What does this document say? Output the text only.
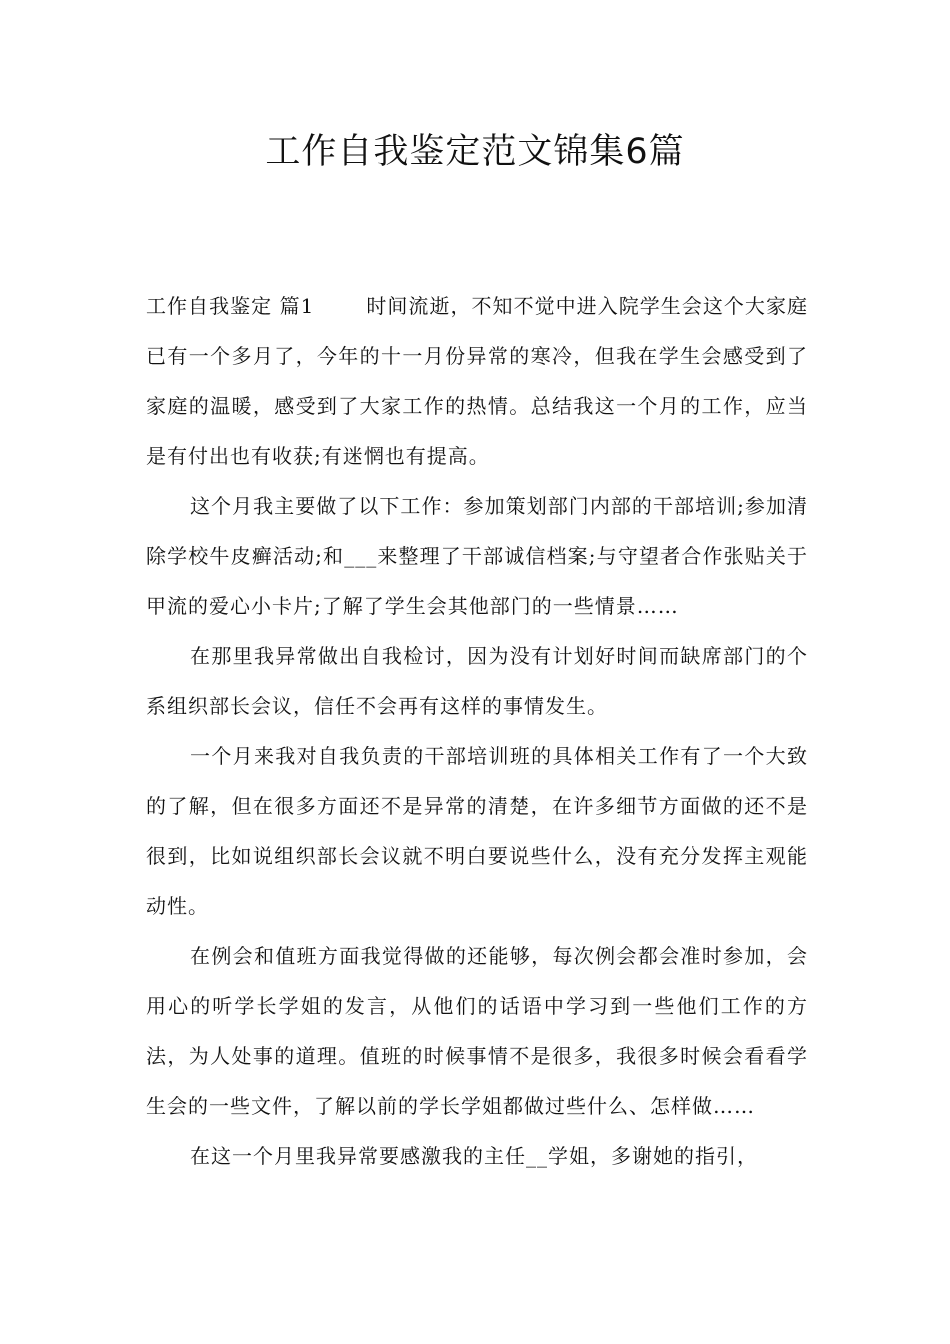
工作自我鉴定范文锦集6篇

工作自我鉴定 篇1	时间流逝，不知不觉中进入院学生会这个大家庭已有一个多月了，今年的十一月份异常的寒冷，但我在学生会感受到了家庭的温暖，感受到了大家工作的热情。总结我这一个月的工作，应当是有付出也有收获;有迷惘也有提高。

这个月我主要做了以下工作：参加策划部门内部的干部培训;参加清除学校牛皮癣活动;和___来整理了干部诚信档案;与守望者合作张贴关于甲流的爱心小卡片;了解了学生会其他部门的一些情景……

在那里我异常做出自我检讨，因为没有计划好时间而缺席部门的个系组织部长会议，信任不会再有这样的事情发生。

一个月来我对自我负责的干部培训班的具体相关工作有了一个大致的了解，但在很多方面还不是异常的清楚，在许多细节方面做的还不是很到，比如说组织部长会议就不明白要说些什么，没有充分发挥主观能动性。

在例会和值班方面我觉得做的还能够，每次例会都会准时参加，会用心的听学长学姐的发言，从他们的话语中学习到一些他们工作的方法，为人处事的道理。值班的时候事情不是很多，我很多时候会看看学生会的一些文件，了解以前的学长学姐都做过些什么、怎样做……

在这一个月里我异常要感激我的主任__学姐，多谢她的指引，
